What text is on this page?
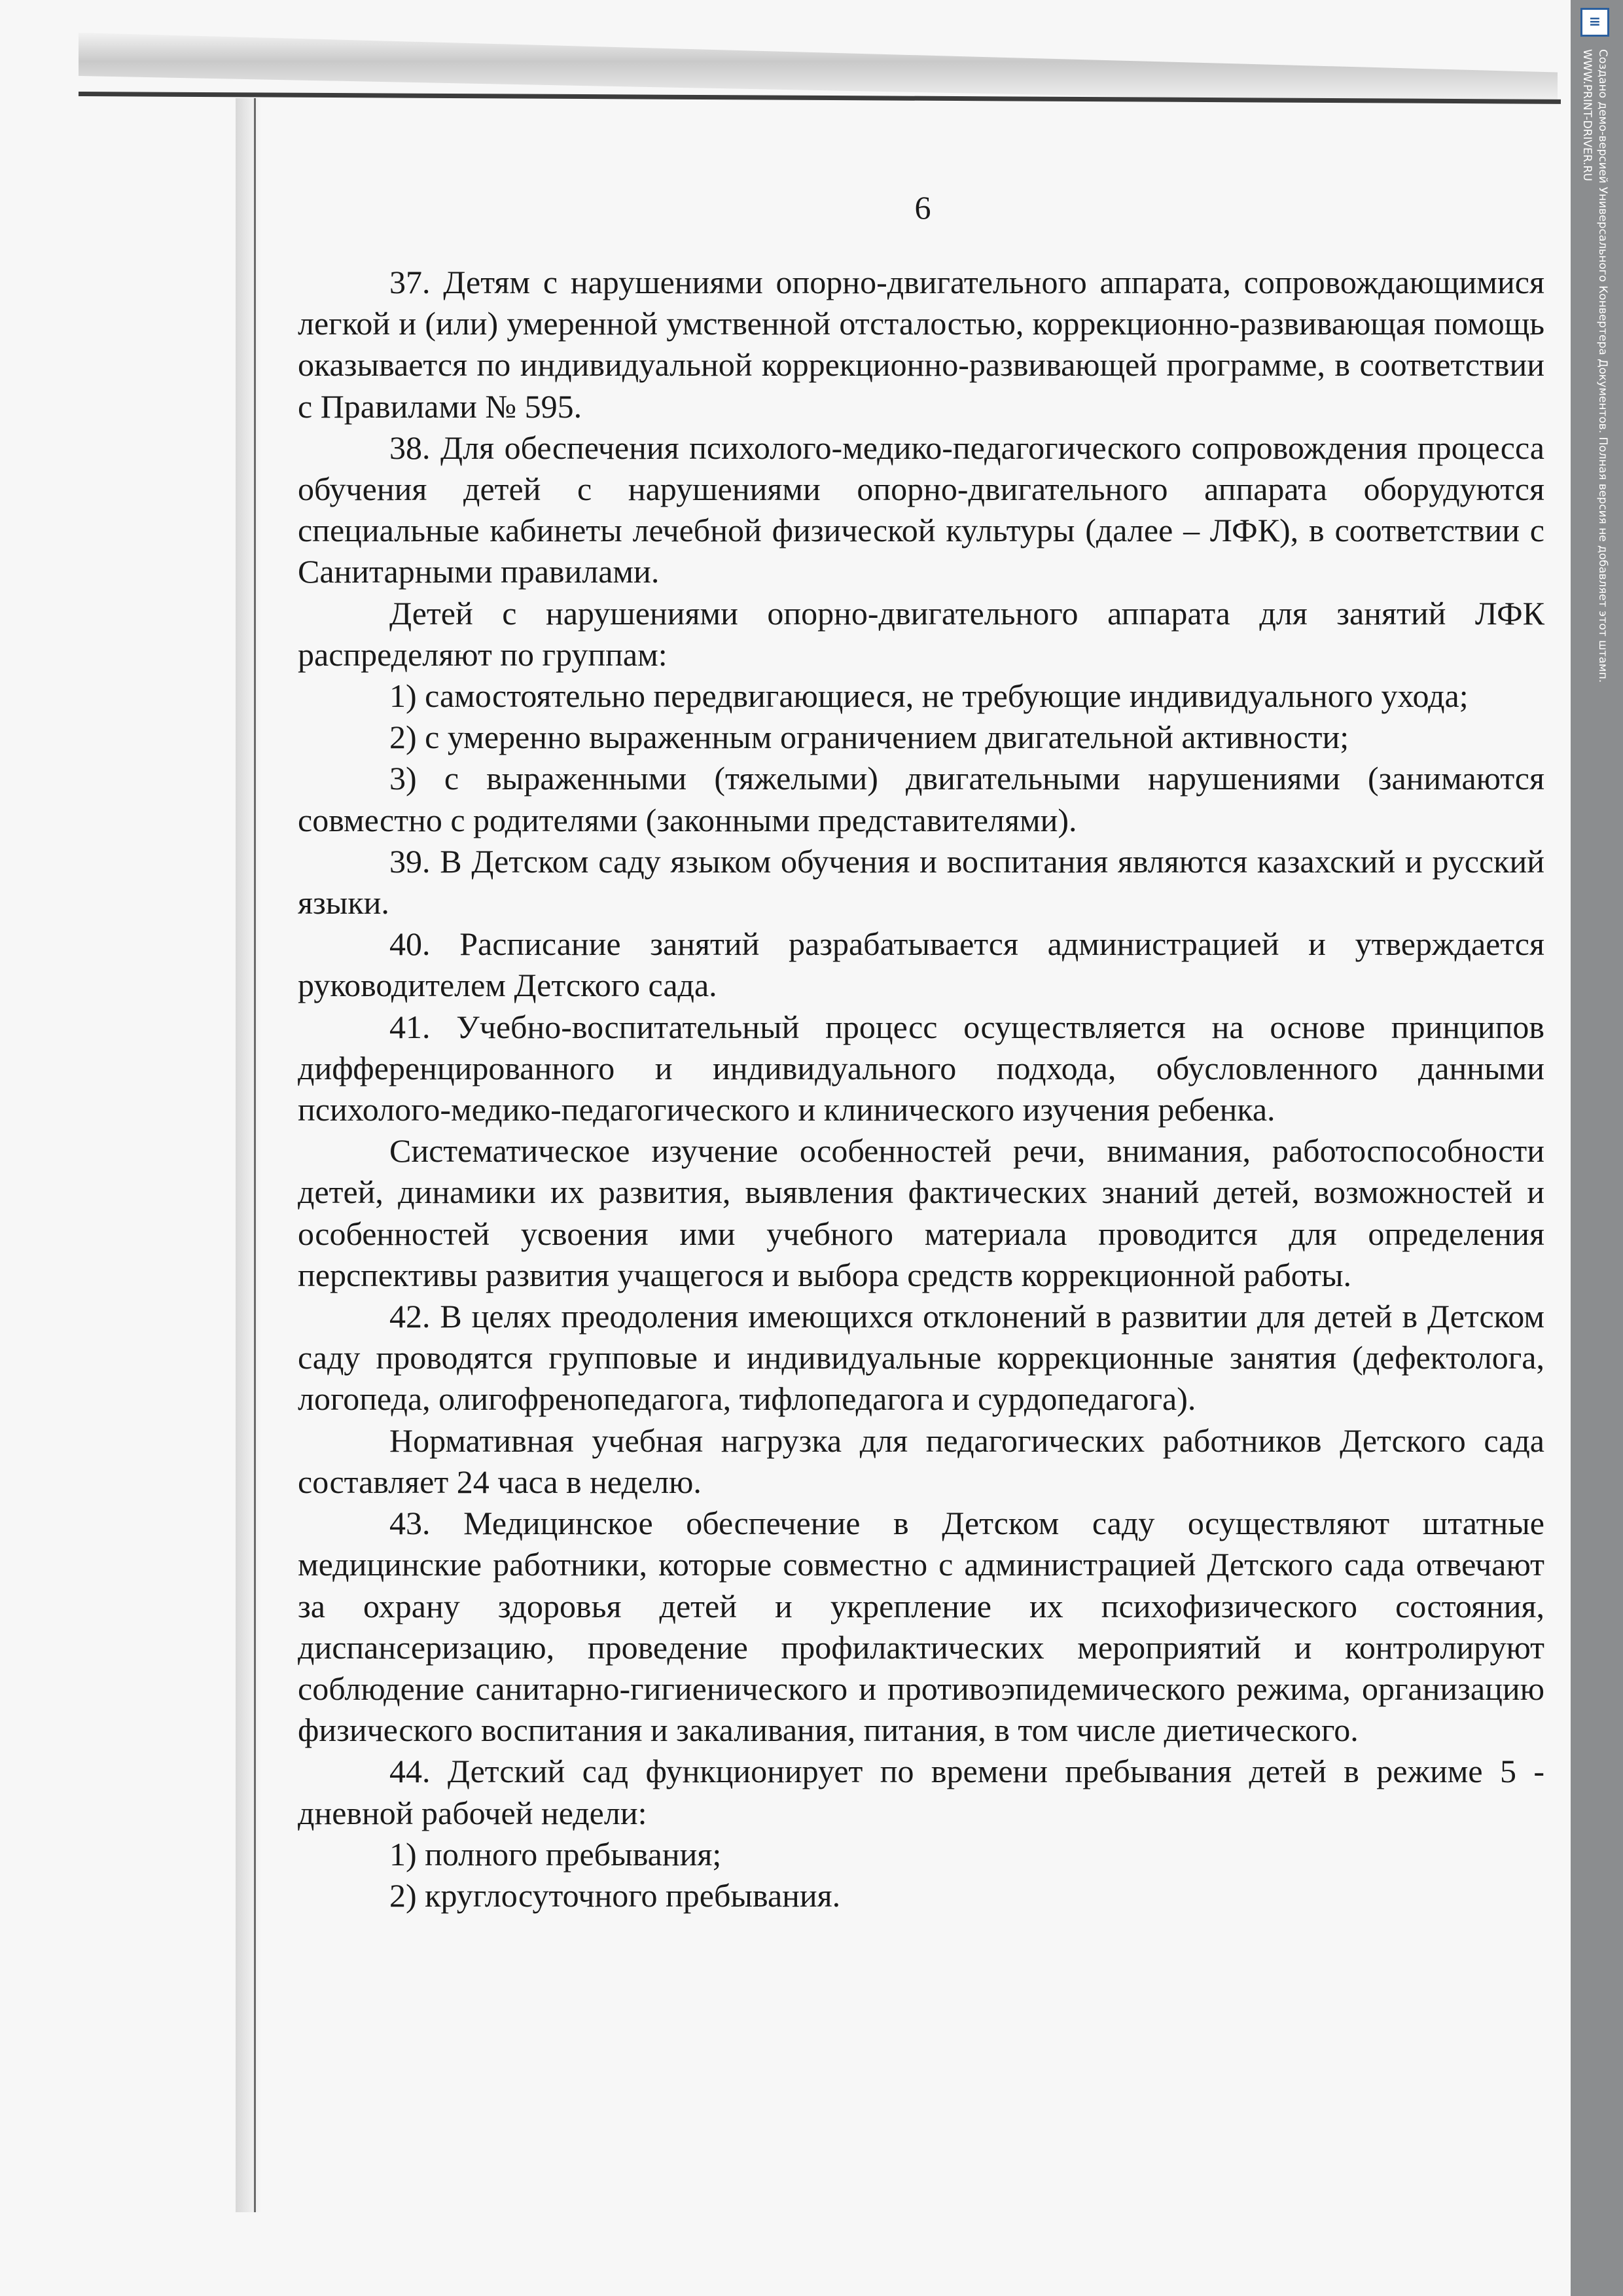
6

37. Детям с нарушениями опорно-двигательного аппарата, сопровождающимися легкой и (или) умеренной умственной отсталостью, коррекционно-развивающая помощь оказывается по индивидуальной коррекционно-развивающей программе, в соответствии с Правилами № 595.

38. Для обеспечения психолого-медико-педагогического сопровождения процесса обучения детей с нарушениями опорно-двигательного аппарата оборудуются специальные кабинеты лечебной физической культуры (далее – ЛФК), в соответствии с Санитарными правилами.

Детей с нарушениями опорно-двигательного аппарата для занятий ЛФК распределяют по группам:

1) самостоятельно передвигающиеся, не требующие индивидуального ухода;

2) с умеренно выраженным ограничением двигательной активности;

3) с выраженными (тяжелыми) двигательными нарушениями (занимаются совместно с родителями (законными представителями).

39. В Детском саду языком обучения и воспитания являются казахский и русский языки.

40. Расписание занятий разрабатывается администрацией и утверждается руководителем Детского сада.

41. Учебно-воспитательный процесс осуществляется на основе принципов дифференцированного и индивидуального подхода, обусловленного данными психолого-медико-педагогического и клинического изучения ребенка.

Систематическое изучение особенностей речи, внимания, работоспособности детей, динамики их развития, выявления фактических знаний детей, возможностей и особенностей усвоения ими учебного материала проводится для определения перспективы развития учащегося и выбора средств коррекционной работы.

42. В целях преодоления имеющихся отклонений в развитии для детей в Детском саду проводятся групповые и индивидуальные коррекционные занятия (дефектолога, логопеда, олигофренопедагога, тифлопедагога и сурдопедагога).

Нормативная учебная нагрузка для педагогических работников Детского сада составляет 24 часа в неделю.

43. Медицинское обеспечение в Детском саду осуществляют штатные медицинские работники, которые совместно с администрацией Детского сада отвечают за охрану здоровья детей и укрепление их психофизического состояния, диспансеризацию, проведение профилактических мероприятий и контролируют соблюдение санитарно-гигиенического и противоэпидемического режима, организацию физического воспитания и закаливания, питания, в том числе диетического.

44. Детский сад функционирует по времени пребывания детей в режиме 5 - дневной рабочей недели:

1) полного пребывания;

2) круглосуточного пребывания.

≡
Создано демо-версией Универсального Конвертера Документов. Полная версия не добавляет этот штамп.
WWW.PRINT-DRIVER.RU
